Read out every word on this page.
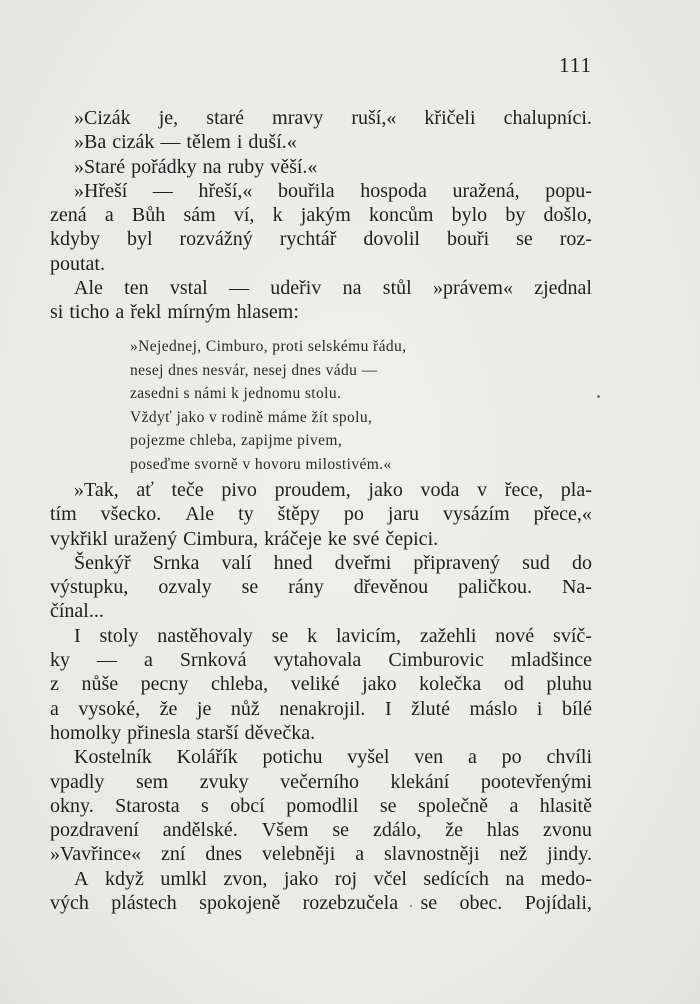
111
»Cizák je, staré mravy ruší,« křičeli chalupníci.
»Ba cizák — tělem i duší.«
»Staré pořádky na ruby věší.«
»Hřeší — hřeší,« bouřila hospoda uražená, popu-
zená a Bůh sám ví, k jakým koncům bylo by došlo,
kdyby byl rozvážný rychtář dovolil bouři se roz-
poutat.
Ale ten vstal — udeřiv na stůl »právem« zjednal
si ticho a řekl mírným hlasem:
»Nejednej, Cimburo, proti selskému řádu,
nesej dnes nesvár, nesej dnes vádu —
zasedni s námi k jednomu stolu.
Vždyť jako v rodině máme žít spolu,
pojezme chleba, zapijme pivem,
poseďme svorně v hovoru milostivém.«
»Tak, ať teče pivo proudem, jako voda v řece, pla-
tím všecko. Ale ty štěpy po jaru vysázím přece,«
vykřikl uražený Cimbura, kráčeje ke své čepici.
Šenkýř Srnka valí hned dveřmi připravený sud do
výstupku, ozvaly se rány dřevěnou paličkou. Na-
čínal...
I stoly nastěhovaly se k lavicím, zažehli nové svíč-
ky — a Srnková vytahovala Cimburovic mladšince
z nůše pecny chleba, veliké jako kolečka od pluhu
a vysoké, že je nůž nenakrojil. I žluté máslo i bílé
homolky přinesla starší děvečka.
Kostelník Kolářík potichu vyšel ven a po chvíli
vpadly sem zvuky večerního klekání pootevřenými
okny. Starosta s obcí pomodlil se společně a hlasitě
pozdravení andělské. Všem se zdálo, že hlas zvonu
»Vavřince« zní dnes velebněji a slavnostněji než jindy.
A když umlkl zvon, jako roj včel sedících na medo-
vých plástech spokojeně rozebzučela se obec. Pojídali,
